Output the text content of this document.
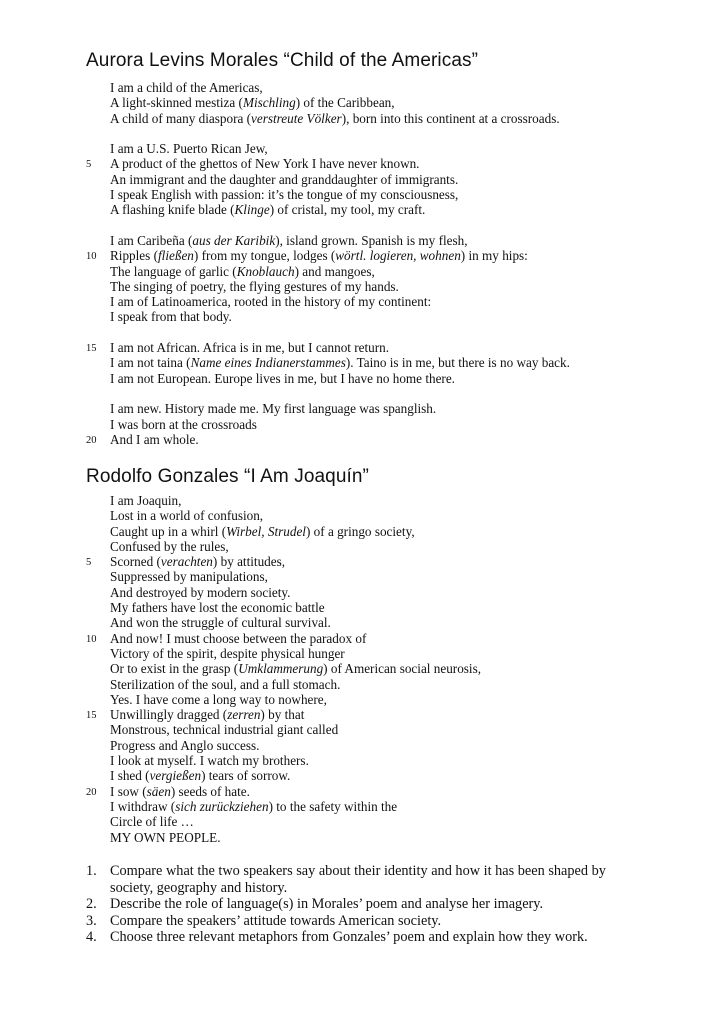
Aurora Levins Morales “Child of the Americas”
I am a child of the Americas,
A light-skinned mestiza (Mischling) of the Caribbean,
A child of many diaspora (verstreute Völker), born into this continent at a crossroads.
I am a U.S. Puerto Rican Jew,
5 A product of the ghettos of New York I have never known.
An immigrant and the daughter and granddaughter of immigrants.
I speak English with passion: it’s the tongue of my consciousness,
A flashing knife blade (Klinge) of cristal, my tool, my craft.
I am Caribeña (aus der Karibik), island grown. Spanish is my flesh,
10 Ripples (fließen) from my tongue, lodges (wörtl. logieren, wohnen) in my hips:
The language of garlic (Knoblauch) and mangoes,
The singing of poetry, the flying gestures of my hands.
I am of Latinoamerica, rooted in the history of my continent:
I speak from that body.
15 I am not African. Africa is in me, but I cannot return.
I am not taina (Name eines Indianerstammes). Taino is in me, but there is no way back.
I am not European. Europe lives in me, but I have no home there.
I am new. History made me. My first language was spanglish.
I was born at the crossroads
20 And I am whole.
Rodolfo Gonzales “I Am Joaquín”
I am Joaquin,
Lost in a world of confusion,
Caught up in a whirl (Wirbel, Strudel) of a gringo society,
Confused by the rules,
5 Scorned (verachten) by attitudes,
Suppressed by manipulations,
And destroyed by modern society.
My fathers have lost the economic battle
And won the struggle of cultural survival.
10 And now! I must choose between the paradox of
Victory of the spirit, despite physical hunger
Or to exist in the grasp (Umklammerung) of American social neurosis,
Sterilization of the soul, and a full stomach.
Yes. I have come a long way to nowhere,
15 Unwillingly dragged (zerren) by that
Monstrous, technical industrial giant called
Progress and Anglo success.
I look at myself. I watch my brothers.
I shed (vergießen) tears of sorrow.
20 I sow (säen) seeds of hate.
I withdraw (sich zurückziehen) to the safety within the
Circle of life …
MY OWN PEOPLE.
1. Compare what the two speakers say about their identity and how it has been shaped by society, geography and history.
2. Describe the role of language(s) in Morales’ poem and analyse her imagery.
3. Compare the speakers’ attitude towards American society.
4. Choose three relevant metaphors from Gonzales’ poem and explain how they work.
